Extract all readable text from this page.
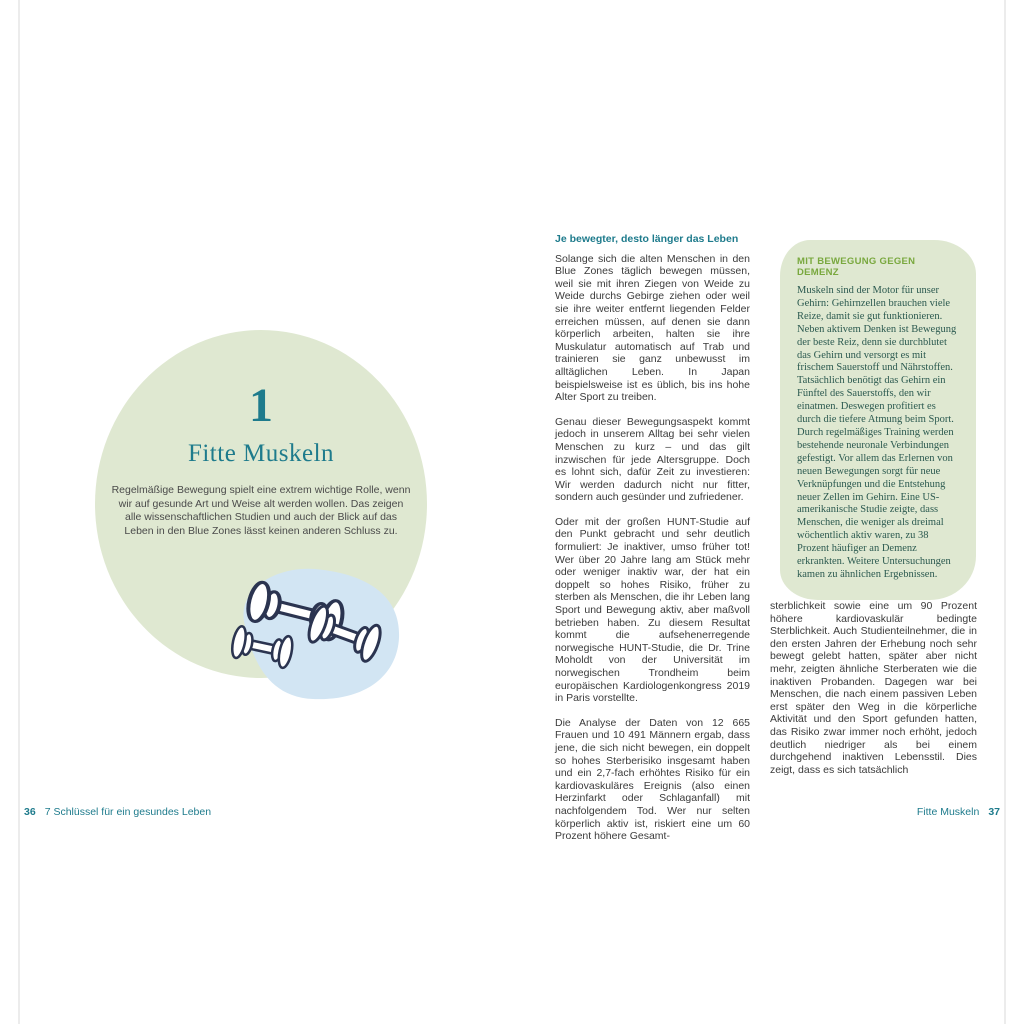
1
Fitte Muskeln
Regelmäßige Bewegung spielt eine extrem wichtige Rolle, wenn wir auf gesunde Art und Weise alt werden wollen. Das zeigen alle wissenschaftlichen Studien und auch der Blick auf das Leben in den Blue Zones lässt keinen anderen Schluss zu.
36 7 Schlüssel für ein gesundes Leben
Je bewegter, desto länger das Leben

Solange sich die alten Menschen in den Blue Zones täglich bewegen müssen, weil sie mit ihren Ziegen von Weide zu Weide durchs Gebirge ziehen oder weil sie ihre weiter entfernt liegenden Felder erreichen müssen, auf denen sie dann körperlich arbeiten, halten sie ihre Muskulatur automatisch auf Trab und trainieren sie ganz unbewusst im alltäglichen Leben. In Japan beispielsweise ist es üblich, bis ins hohe Alter Sport zu treiben.

Genau dieser Bewegungsaspekt kommt jedoch in unserem Alltag bei sehr vielen Menschen zu kurz – und das gilt inzwischen für jede Altersgruppe. Doch es lohnt sich, dafür Zeit zu investieren: Wir werden dadurch nicht nur fitter, sondern auch gesünder und zufriedener.

Oder mit der großen HUNT-Studie auf den Punkt gebracht und sehr deutlich formuliert: Je inaktiver, umso früher tot! Wer über 20 Jahre lang am Stück mehr oder weniger inaktiv war, der hat ein doppelt so hohes Risiko, früher zu sterben als Menschen, die ihr Leben lang Sport und Bewegung aktiv, aber maßvoll betrieben haben. Zu diesem Resultat kommt die aufsehenerregende norwegische HUNT-Studie, die Dr. Trine Moholdt von der Universität im norwegischen Trondheim beim europäischen Kardiologenkongress 2019 in Paris vorstellte.

Die Analyse der Daten von 12 665 Frauen und 10 491 Männern ergab, dass jene, die sich nicht bewegen, ein doppelt so hohes Sterberisiko insgesamt haben und ein 2,7-fach erhöhtes Risiko für ein kardiovaskuläres Ereignis (also einen Herzinfarkt oder Schlaganfall) mit nachfolgendem Tod. Wer nur selten körperlich aktiv ist, riskiert eine um 60 Prozent höhere Gesamt-

MIT BEWEGUNG GEGEN DEMENZ

Muskeln sind der Motor für unser Gehirn: Gehirnzellen brauchen viele Reize, damit sie gut funktionieren. Neben aktivem Denken ist Bewegung der beste Reiz, denn sie durchblutet das Gehirn und versorgt es mit frischem Sauerstoff und Nährstoffen. Tatsächlich benötigt das Gehirn ein Fünftel des Sauerstoffs, den wir einatmen. Deswegen profitiert es durch die tiefere Atmung beim Sport. Durch regelmäßiges Training werden bestehende neuronale Verbindungen gefestigt. Vor allem das Erlernen von neuen Bewegungen sorgt für neue Verknüpfungen und die Entstehung neuer Zellen im Gehirn. Eine US-amerikanische Studie zeigte, dass Menschen, die weniger als dreimal wöchentlich aktiv waren, zu 38 Prozent häufiger an Demenz erkrankten. Weitere Untersuchungen kamen zu ähnlichen Ergebnissen.

sterblichkeit sowie eine um 90 Prozent höhere kardiovaskulär bedingte Sterblichkeit. Auch Studienteilnehmer, die in den ersten Jahren der Erhebung noch sehr bewegt gelebt hatten, später aber nicht mehr, zeigten ähnliche Sterberaten wie die inaktiven Probanden. Dagegen war bei Menschen, die nach einem passiven Leben erst später den Weg in die körperliche Aktivität und den Sport gefunden hatten, das Risiko zwar immer noch erhöht, jedoch deutlich niedriger als bei einem durchgehend inaktiven Lebensstil. Dies zeigt, dass es sich tatsächlich

Fitte Muskeln 37
